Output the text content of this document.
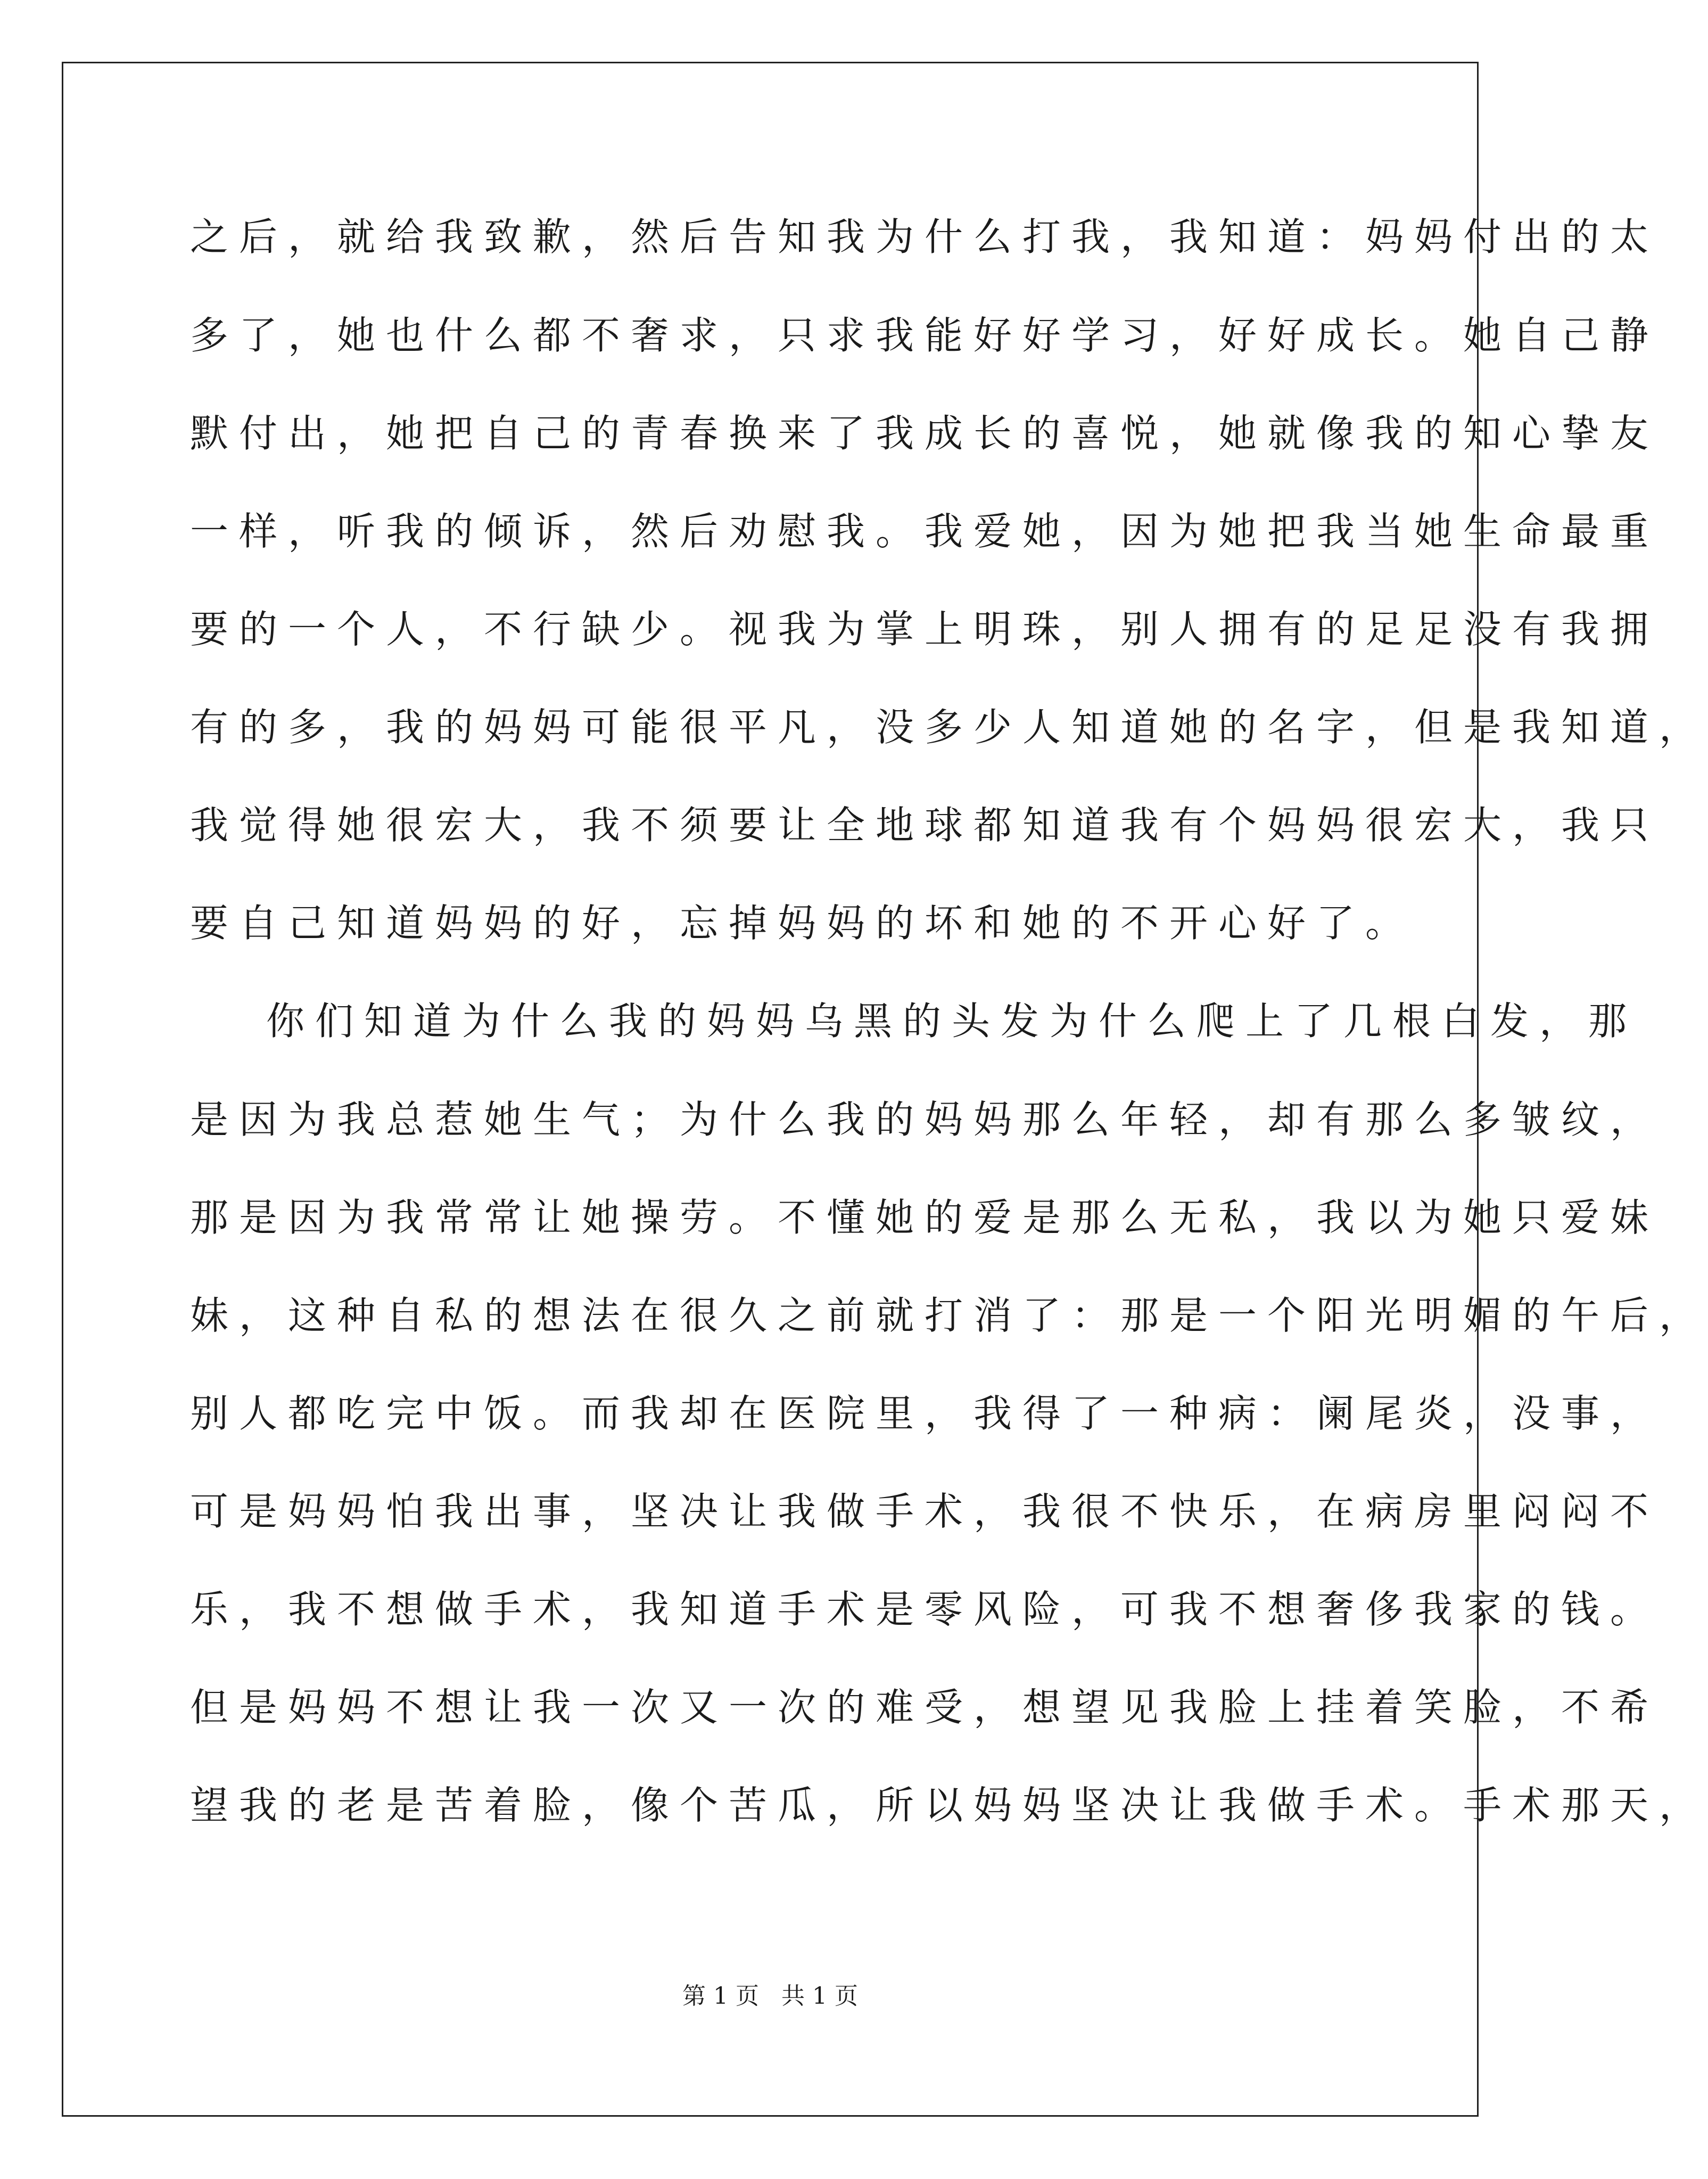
之后，就给我致歉，然后告知我为什么打我，我知道：妈妈付出的太
多了，她也什么都不奢求，只求我能好好学习，好好成长。她自己静
默付出，她把自己的青春换来了我成长的喜悦，她就像我的知心挚友
一样，听我的倾诉，然后劝慰我。我爱她，因为她把我当她生命最重
要的一个人，不行缺少。视我为掌上明珠，别人拥有的足足没有我拥
有的多，我的妈妈可能很平凡，没多少人知道她的名字，但是我知道，
我觉得她很宏大，我不须要让全地球都知道我有个妈妈很宏大，我只
要自己知道妈妈的好，忘掉妈妈的坏和她的不开心好了。
你们知道为什么我的妈妈乌黑的头发为什么爬上了几根白发，那
是因为我总惹她生气；为什么我的妈妈那么年轻，却有那么多皱纹，
那是因为我常常让她操劳。不懂她的爱是那么无私，我以为她只爱妹
妹，这种自私的想法在很久之前就打消了：那是一个阳光明媚的午后，
别人都吃完中饭。而我却在医院里，我得了一种病：阑尾炎，没事，
可是妈妈怕我出事，坚决让我做手术，我很不快乐，在病房里闷闷不
乐，我不想做手术，我知道手术是零风险，可我不想奢侈我家的钱。
但是妈妈不想让我一次又一次的难受，想望见我脸上挂着笑脸，不希
望我的老是苦着脸，像个苦瓜，所以妈妈坚决让我做手术。手术那天，
第 1 页   共 1 页
